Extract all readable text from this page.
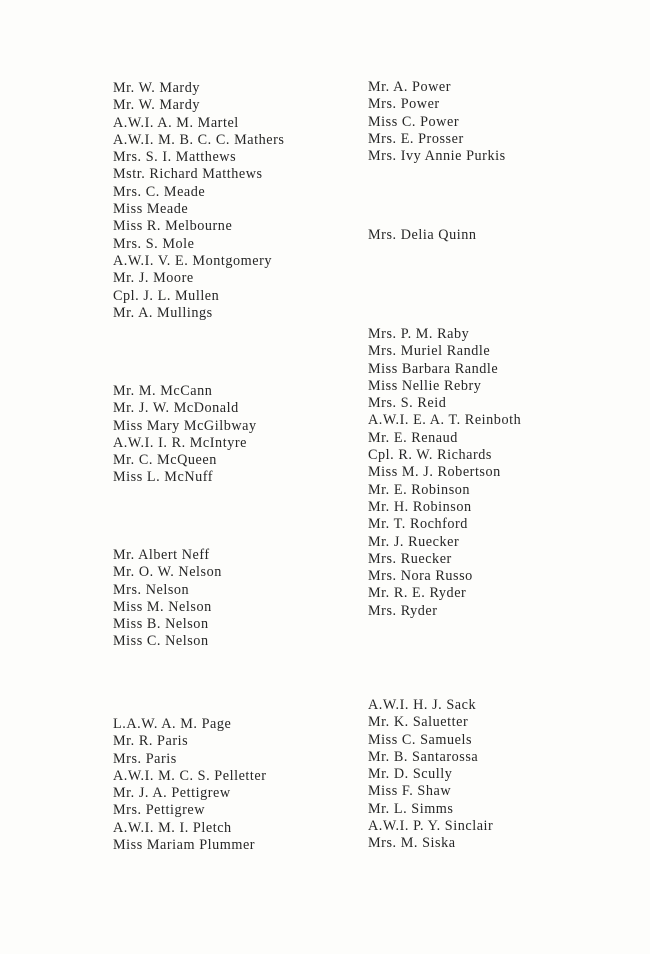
Mr. W. Mardy
Mr. W. Mardy
A.W.I. A. M. Martel
A.W.I. M. B. C. C. Mathers
Mrs. S. I. Matthews
Mstr. Richard Matthews
Mrs. C. Meade
Miss Meade
Miss R. Melbourne
Mrs. S. Mole
A.W.I. V. E. Montgomery
Mr. J. Moore
Cpl. J. L. Mullen
Mr. A. Mullings
Mr. M. McCann
Mr. J. W. McDonald
Miss Mary McGilbway
A.W.I. I. R. McIntyre
Mr. C. McQueen
Miss L. McNuff
Mr. Albert Neff
Mr. O. W. Nelson
Mrs. Nelson
Miss M. Nelson
Miss B. Nelson
Miss C. Nelson
L.A.W. A. M. Page
Mr. R. Paris
Mrs. Paris
A.W.I. M. C. S. Pelletter
Mr. J. A. Pettigrew
Mrs. Pettigrew
A.W.I. M. I. Pletch
Miss Mariam Plummer
Mr. A. Power
Mrs. Power
Miss C. Power
Mrs. E. Prosser
Mrs. Ivy Annie Purkis
Mrs. Delia Quinn
Mrs. P. M. Raby
Mrs. Muriel Randle
Miss Barbara Randle
Miss Nellie Rebry
Mrs. S. Reid
A.W.I. E. A. T. Reinboth
Mr. E. Renaud
Cpl. R. W. Richards
Miss M. J. Robertson
Mr. E. Robinson
Mr. H. Robinson
Mr. T. Rochford
Mr. J. Ruecker
Mrs. Ruecker
Mrs. Nora Russo
Mr. R. E. Ryder
Mrs. Ryder
A.W.I. H. J. Sack
Mr. K. Saluetter
Miss C. Samuels
Mr. B. Santarossa
Mr. D. Scully
Miss F. Shaw
Mr. L. Simms
A.W.I. P. Y. Sinclair
Mrs. M. Siska
